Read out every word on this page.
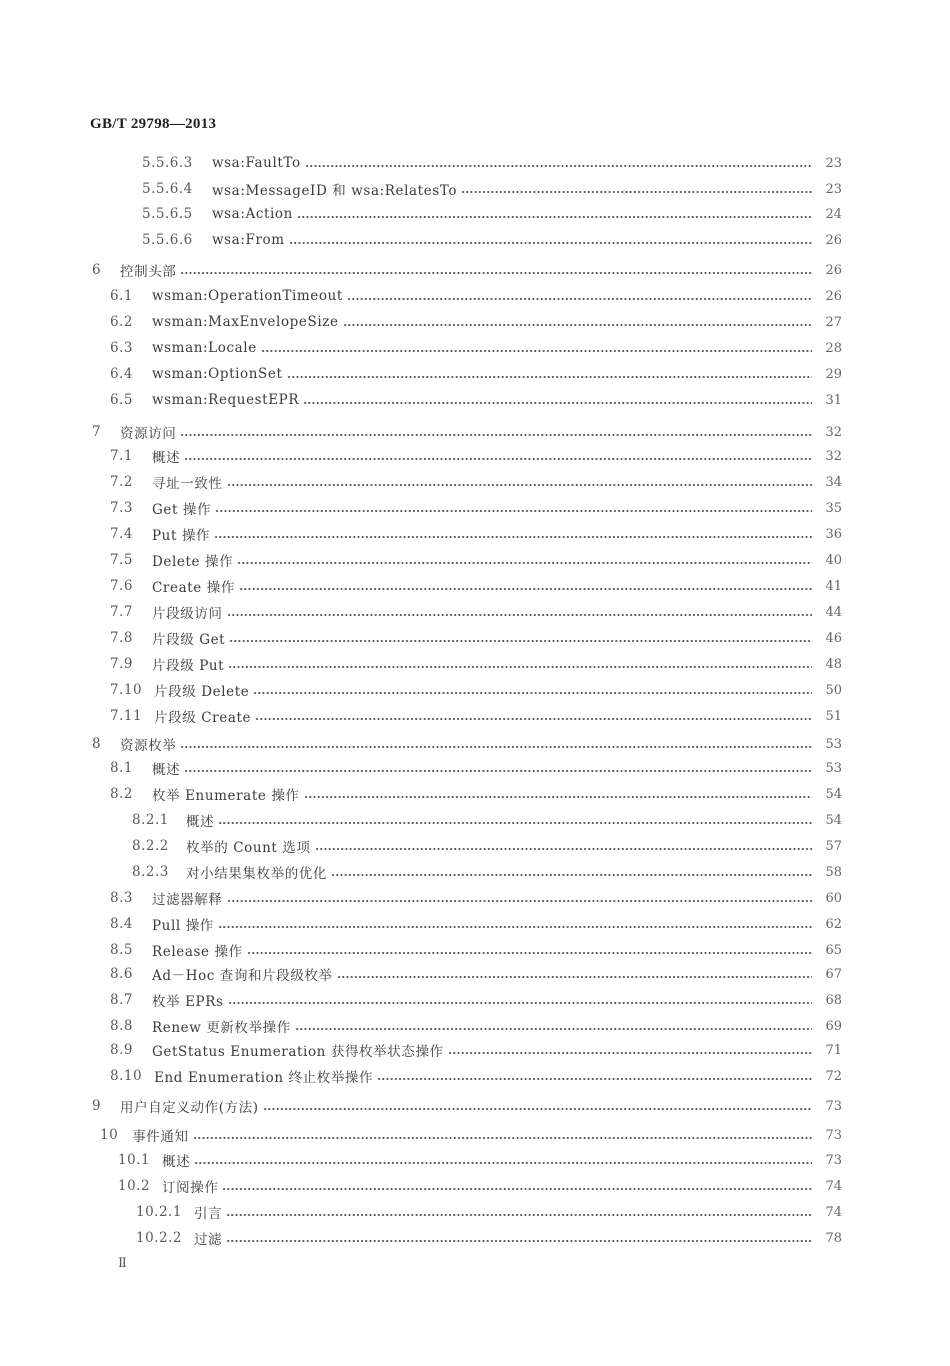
GB/T 29798—2013
5.5.6.3	wsa:FaultTo	23
5.5.6.4	wsa:MessageID 和 wsa:RelatesTo	23
5.5.6.5	wsa:Action	24
5.5.6.6	wsa:From	26
6	控制头部	26
6.1	wsman:OperationTimeout	26
6.2	wsman:MaxEnvelopeSize	27
6.3	wsman:Locale	28
6.4	wsman:OptionSet	29
6.5	wsman:RequestEPR	31
7	资源访问	32
7.1	概述	32
7.2	寻址一致性	34
7.3	Get 操作	35
7.4	Put 操作	36
7.5	Delete 操作	40
7.6	Create 操作	41
7.7	片段级访问	44
7.8	片段级 Get	46
7.9	片段级 Put	48
7.10 片段级 Delete	50
7.11 片段级 Create	51
8	资源枚举	53
8.1	概述	53
8.2	枚举 Enumerate 操作	54
8.2.1	概述	54
8.2.2	枚举的 Count 选项	57
8.2.3	对小结果集枚举的优化	58
8.3	过滤器解释	60
8.4	Pull 操作	62
8.5	Release 操作	65
8.6	Ad－Hoc 查询和片段级枚举	67
8.7	枚举 EPRs	68
8.8	Renew 更新枚举操作	69
8.9	GetStatus Enumeration 获得枚举状态操作	71
8.10 End Enumeration 终止枚举操作	72
9	用户自定义动作(方法)	73
10 事件通知	73
10.1 概述	73
10.2 订阅操作	74
10.2.1 引言	74
10.2.2 过滤	78
Ⅱ
